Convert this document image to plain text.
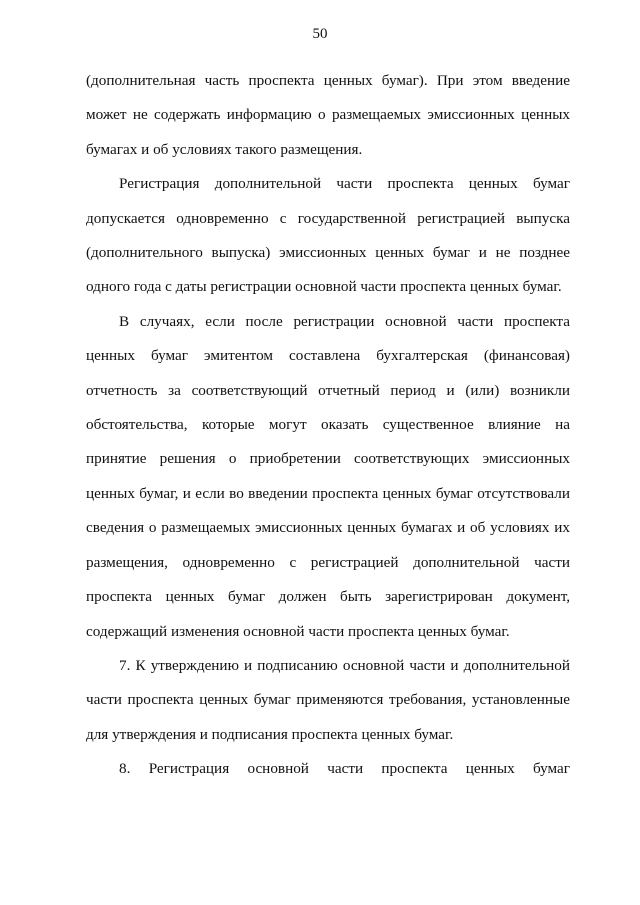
50

(дополнительная часть проспекта ценных бумаг). При этом введение может не содержать информацию о размещаемых эмиссионных ценных бумагах и об условиях такого размещения.

Регистрация дополнительной части проспекта ценных бумаг допускается одновременно с государственной регистрацией выпуска (дополнительного выпуска) эмиссионных ценных бумаг и не позднее одного года с даты регистрации основной части проспекта ценных бумаг.

В случаях, если после регистрации основной части проспекта ценных бумаг эмитентом составлена бухгалтерская (финансовая) отчетность за соответствующий отчетный период и (или) возникли обстоятельства, которые могут оказать существенное влияние на принятие решения о приобретении соответствующих эмиссионных ценных бумаг, и если во введении проспекта ценных бумаг отсутствовали сведения о размещаемых эмиссионных ценных бумагах и об условиях их размещения, одновременно с регистрацией дополнительной части проспекта ценных бумаг должен быть зарегистрирован документ, содержащий изменения основной части проспекта ценных бумаг.

7. К утверждению и подписанию основной части и дополнительной части проспекта ценных бумаг применяются требования, установленные для утверждения и подписания проспекта ценных бумаг.

8. Регистрация основной части проспекта ценных бумаг
